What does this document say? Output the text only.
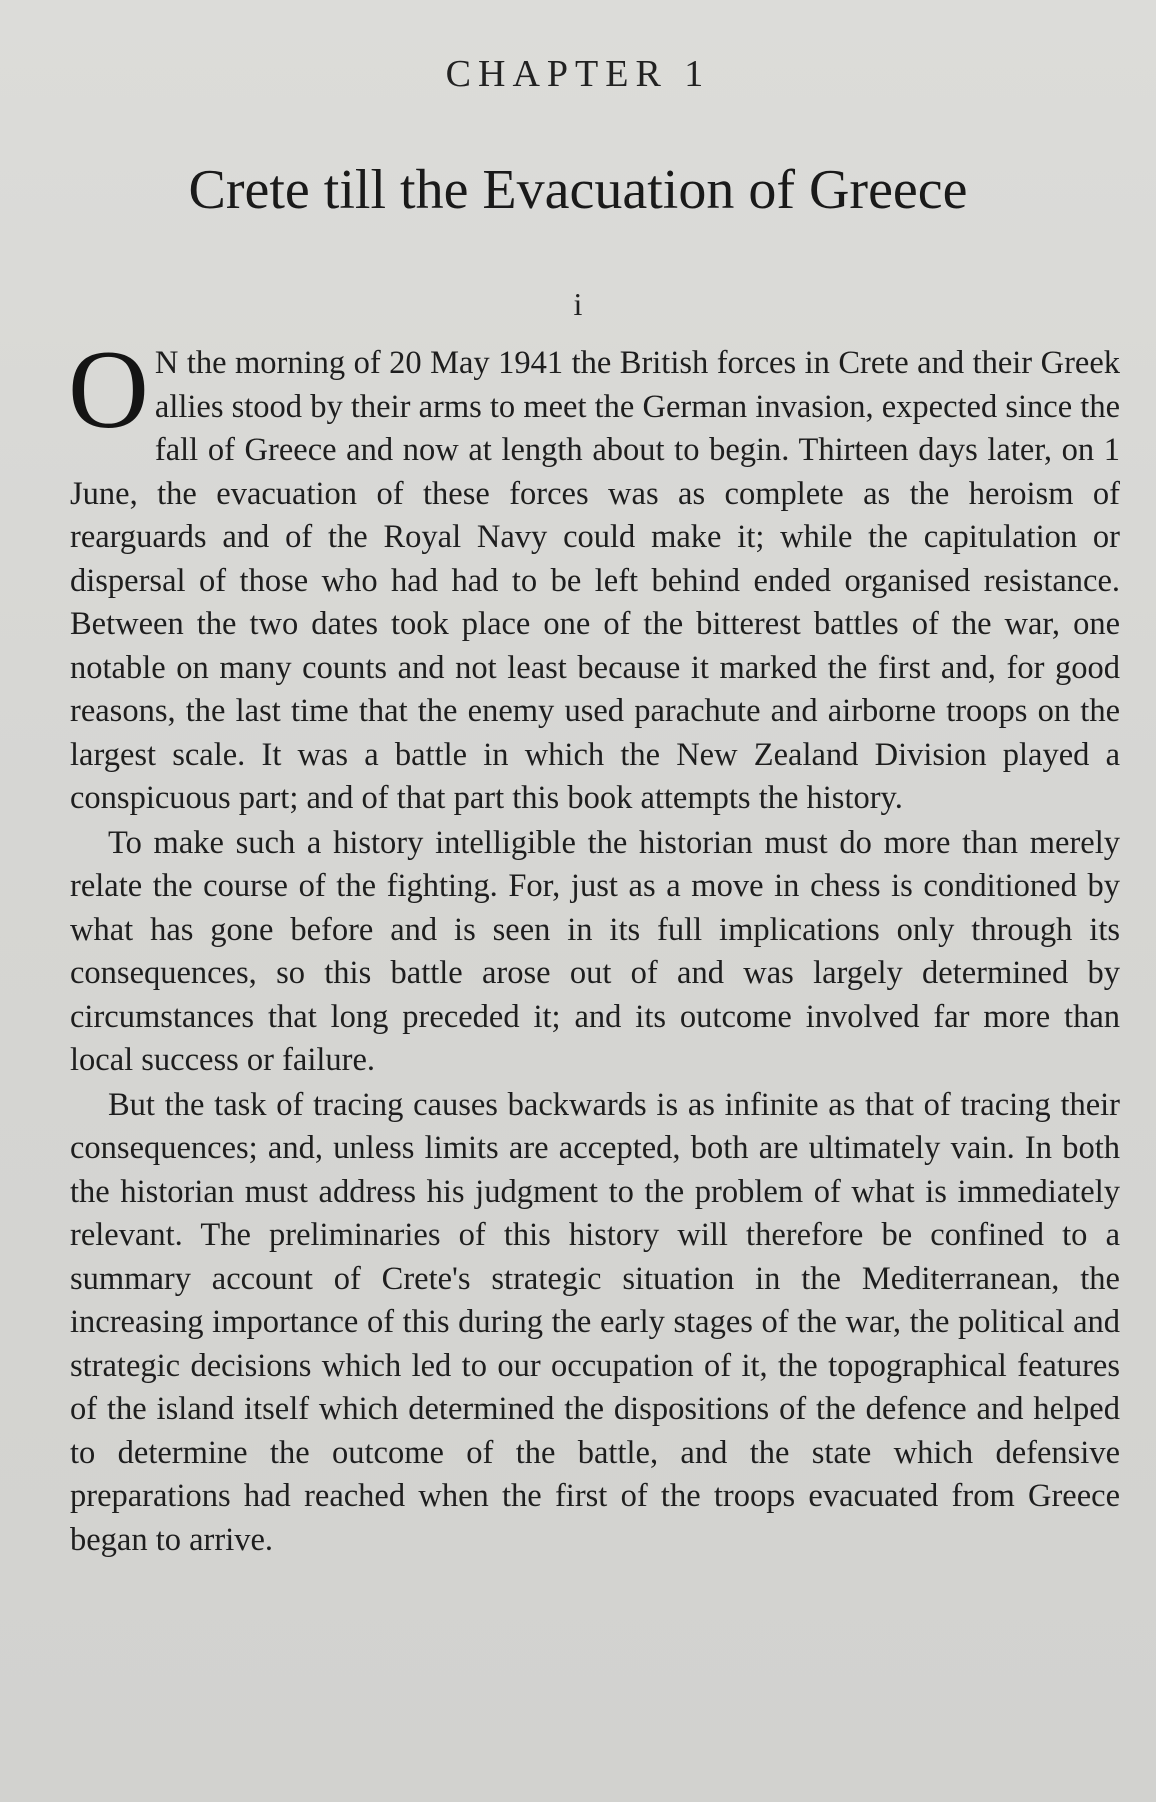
CHAPTER 1
Crete till the Evacuation of Greece
i

O N the morning of 20 May 1941 the British forces in Crete and their Greek allies stood by their arms to meet the German invasion, expected since the fall of Greece and now at length about to begin. Thirteen days later, on 1 June, the evacuation of these forces was as complete as the heroism of rearguards and of the Royal Navy could make it; while the capitulation or dispersal of those who had had to be left behind ended organised resistance. Between the two dates took place one of the bitterest battles of the war, one notable on many counts and not least because it marked the first and, for good reasons, the last time that the enemy used parachute and airborne troops on the largest scale. It was a battle in which the New Zealand Division played a conspicuous part; and of that part this book attempts the history.

To make such a history intelligible the historian must do more than merely relate the course of the fighting. For, just as a move in chess is conditioned by what has gone before and is seen in its full implications only through its consequences, so this battle arose out of and was largely determined by circumstances that long preceded it; and its outcome involved far more than local success or failure.

But the task of tracing causes backwards is as infinite as that of tracing their consequences; and, unless limits are accepted, both are ultimately vain. In both the historian must address his judgment to the problem of what is immediately relevant. The preliminaries of this history will therefore be confined to a summary account of Crete's strategic situation in the Mediterranean, the increasing importance of this during the early stages of the war, the political and strategic decisions which led to our occupation of it, the topographical features of the island itself which determined the dispositions of the defence and helped to determine the outcome of the battle, and the state which defensive preparations had reached when the first of the troops evacuated from Greece began to arrive.
